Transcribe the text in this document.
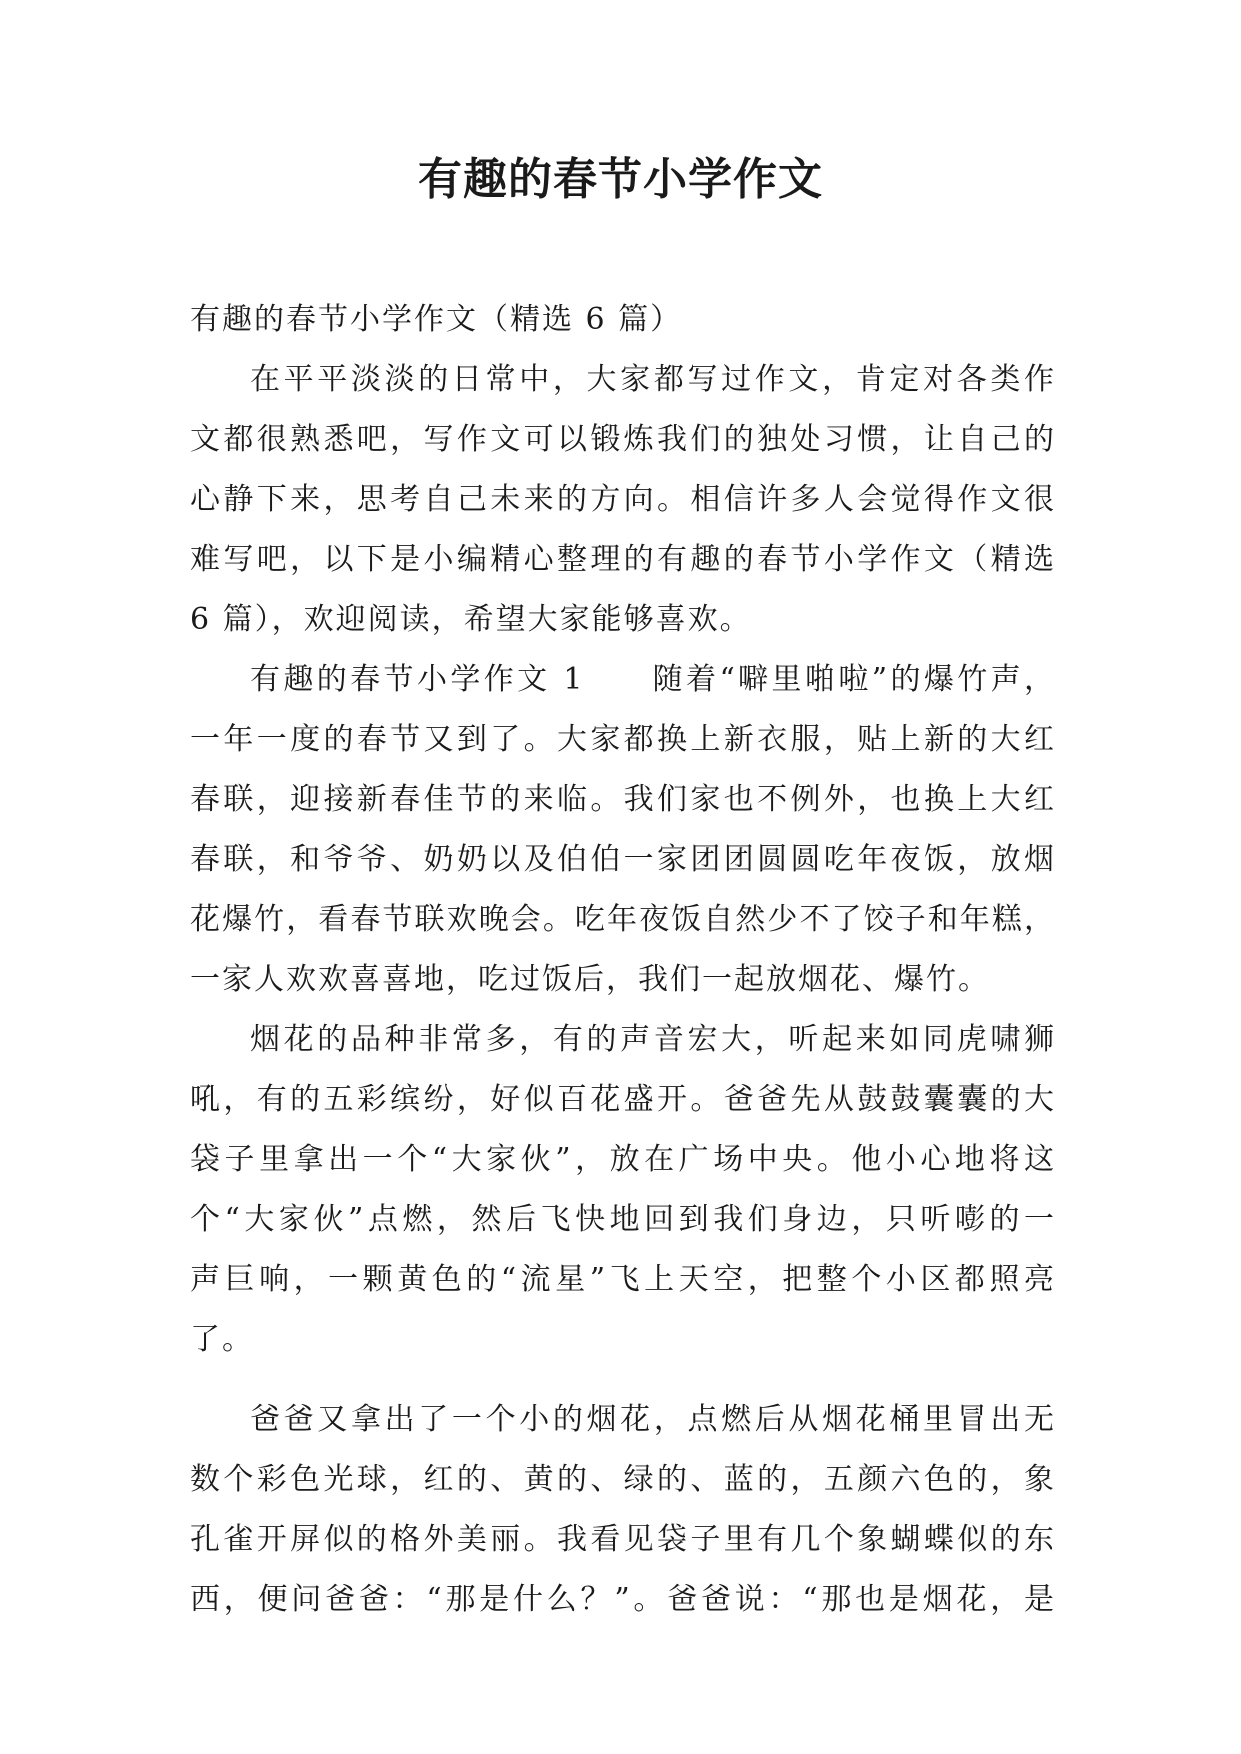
有趣的春节小学作文
有趣的春节小学作文（精选 6 篇）
在平平淡淡的日常中，大家都写过作文，肯定对各类作
文都很熟悉吧，写作文可以锻炼我们的独处习惯，让自己的
心静下来，思考自己未来的方向。相信许多人会觉得作文很
难写吧，以下是小编精心整理的有趣的春节小学作文（精选
6 篇），欢迎阅读，希望大家能够喜欢。
有趣的春节小学作文 1　　随着“噼里啪啦”的爆竹声，
一年一度的春节又到了。大家都换上新衣服，贴上新的大红
春联，迎接新春佳节的来临。我们家也不例外，也换上大红
春联，和爷爷、奶奶以及伯伯一家团团圆圆吃年夜饭，放烟
花爆竹，看春节联欢晚会。吃年夜饭自然少不了饺子和年糕，
一家人欢欢喜喜地，吃过饭后，我们一起放烟花、爆竹。
烟花的品种非常多，有的声音宏大，听起来如同虎啸狮
吼，有的五彩缤纷，好似百花盛开。爸爸先从鼓鼓囊囊的大
袋子里拿出一个“大家伙”，放在广场中央。他小心地将这
个“大家伙”点燃，然后飞快地回到我们身边，只听嘭的一
声巨响，一颗黄色的“流星”飞上天空，把整个小区都照亮
了。
爸爸又拿出了一个小的烟花，点燃后从烟花桶里冒出无
数个彩色光球，红的、黄的、绿的、蓝的，五颜六色的，象
孔雀开屏似的格外美丽。我看见袋子里有几个象蝴蝶似的东
西，便问爸爸：“那是什么？”。爸爸说：“那也是烟花，是
